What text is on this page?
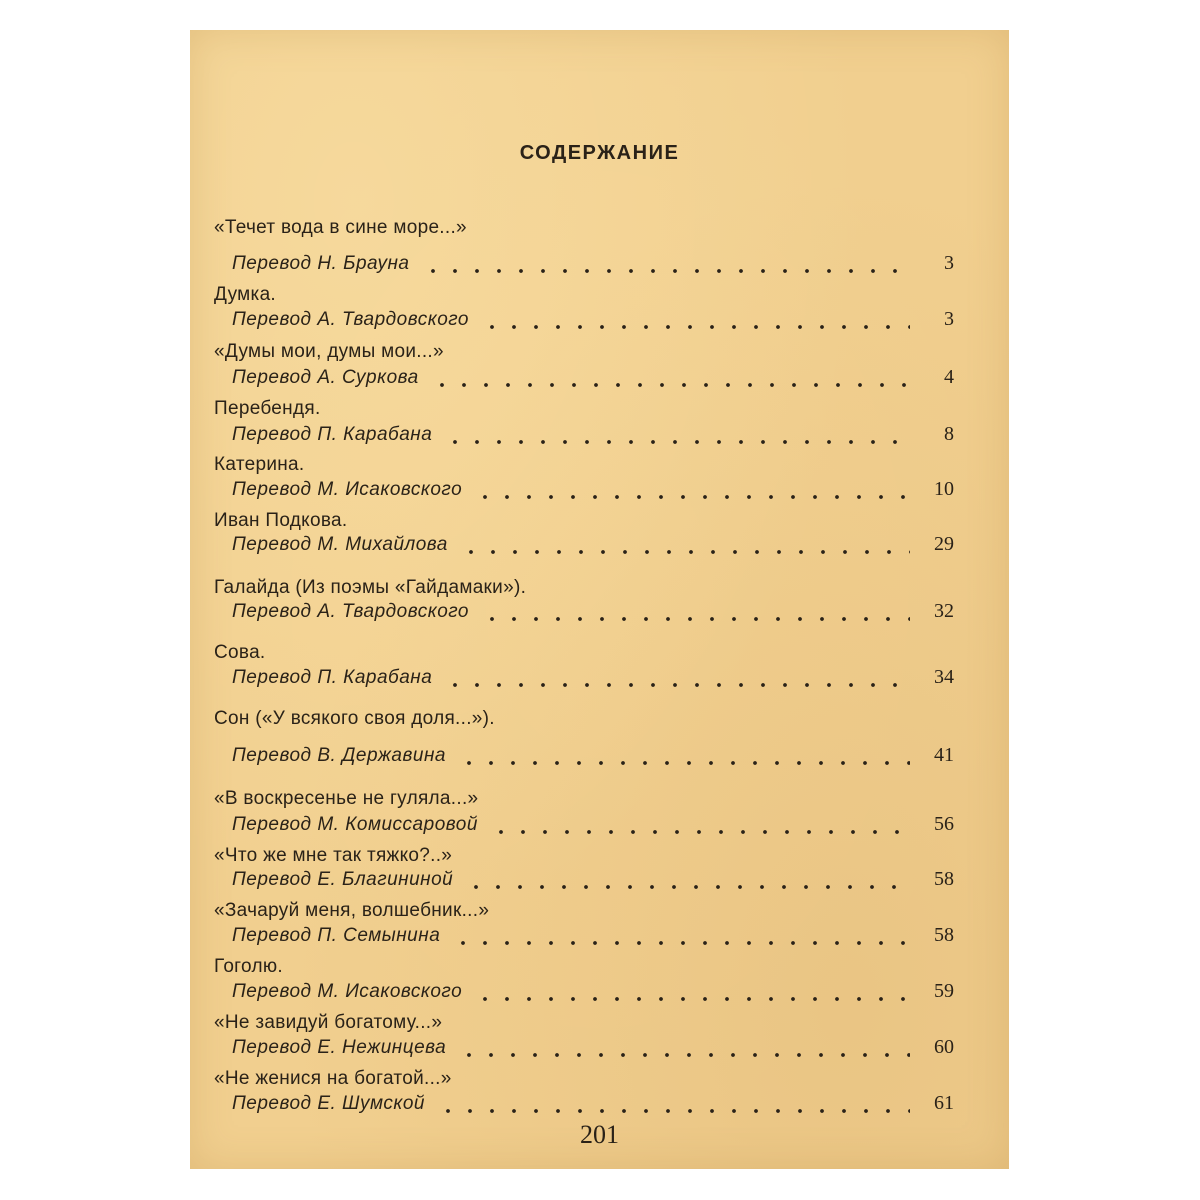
СОДЕРЖАНИЕ
«Течет вода в сине море...»
Перевод Н. Брауна	3
Думка.
Перевод А. Твардовского	3
«Думы мои, думы мои...»
Перевод А. Суркова	4
Перебендя.
Перевод П. Карабана	8
Катерина.
Перевод М. Исаковского	10
Иван Подкова.
Перевод М. Михайлова	29
Галайда (Из поэмы «Гайдамаки»).
Перевод А. Твардовского	32
Сова.
Перевод П. Карабана	34
Сон («У всякого своя доля...»).
Перевод В. Державина	41
«В воскресенье не гуляла...»
Перевод М. Комиссаровой	56
«Что же мне так тяжко?..»
Перевод Е. Благининой	58
«Зачаруй меня, волшебник...»
Перевод П. Семынина	58
Гоголю.
Перевод М. Исаковского	59
«Не завидуй богатому...»
Перевод Е. Нежинцева	60
«Не женися на богатой...»
Перевод Е. Шумской	61
201
